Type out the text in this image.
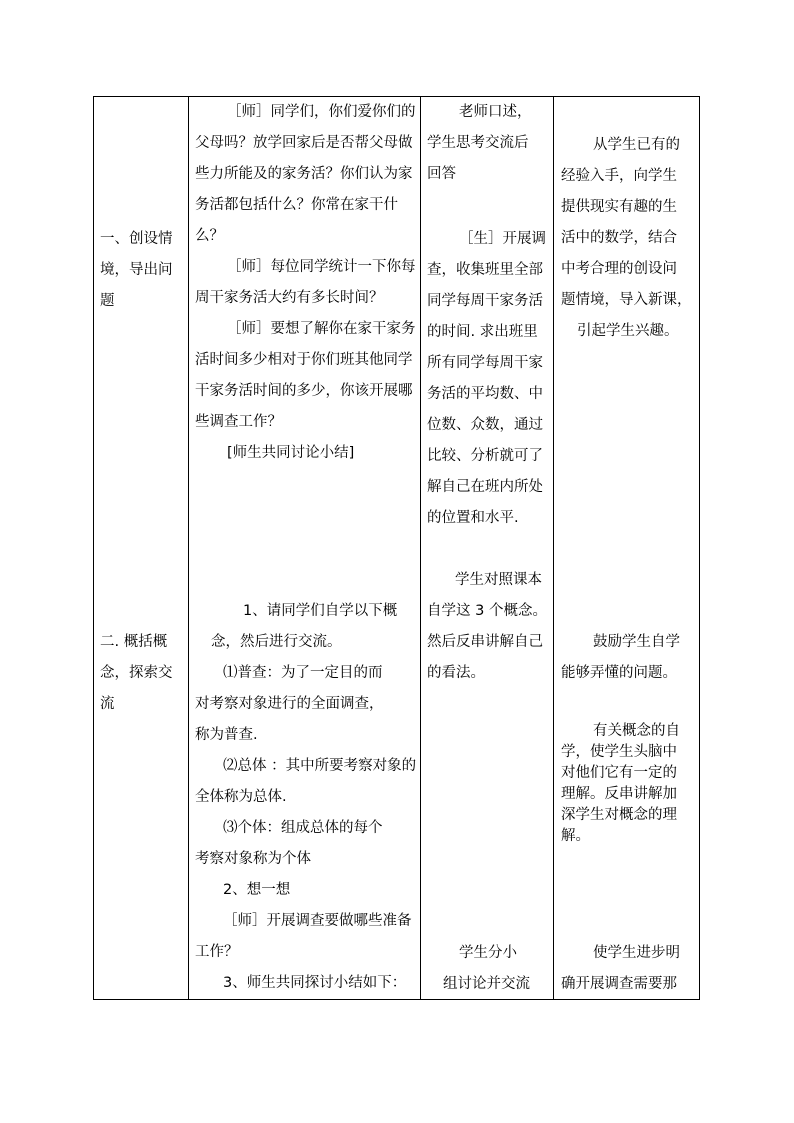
一、创设情
境，导出问
题
［师］同学们，你们爱你们的
父母吗？放学回家后是否帮父母做
些力所能及的家务活？你们认为家
务活都包括什么？你常在家干什
么？
［师］每位同学统计一下你每
周干家务活大约有多长时间？
［师］要想了解你在家干家务
活时间多少相对于你们班其他同学
干家务活时间的多少，你该开展哪
些调查工作？
[师生共同讨论小结]
老师口述，
学生思考交流后
回答
［生］开展调
查，收集班里全部
同学每周干家务活
的时间. 求出班里
所有同学每周干家
务活的平均数、中
位数、众数，通过
比较、分析就可了
解自己在班内所处
的位置和水平.
从学生已有的
经验入手，向学生
提供现实有趣的生
活中的数学，结合
中考合理的创设问
题情境，导入新课，
引起学生兴趣。
二. 概括概
念，探索交
流
1、请同学们自学以下概
念，然后进行交流。
⑴普查：为了一定目的而
对考察对象进行的全面调查，
称为普查.
⑵总体 ：其中所要考察对象的
全体称为总体.
⑶个体：组成总体的每个
考察对象称为个体
2、想一想
［师］开展调查要做哪些准备
工作？
3、师生共同探讨小结如下：
学生对照课本
自学这 3 个概念。
然后反串讲解自己
的看法。
学生分小
组讨论并交流
鼓励学生自学
能够弄懂的问题。
有关概念的自
学，使学生头脑中
对他们它有一定的
理解。反串讲解加
深学生对概念的理
解。
使学生进步明
确开展调查需要那
